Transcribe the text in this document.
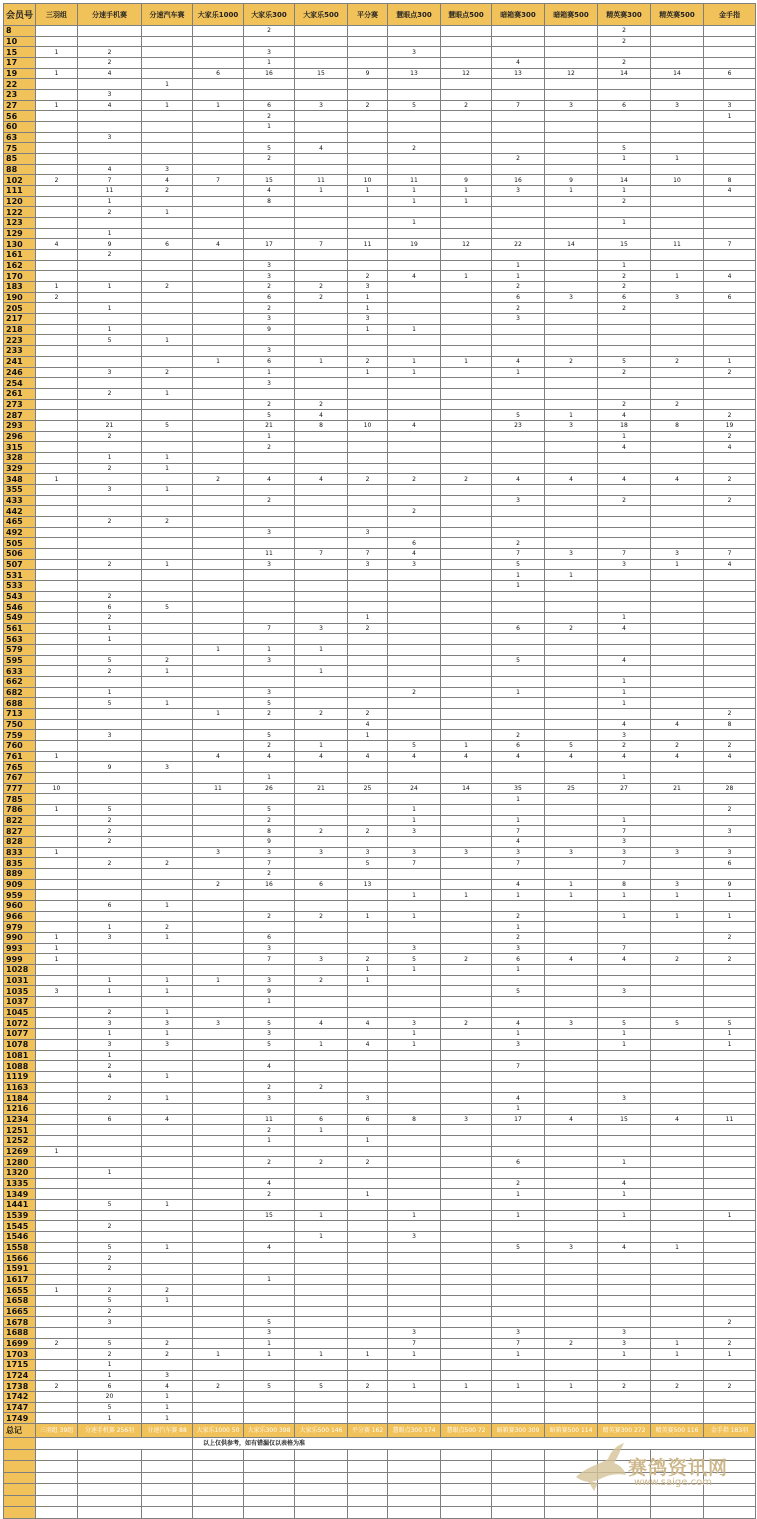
会员号	三羽组	分速手机赛	分速汽车赛	大家乐1000	大家乐300	大家乐500	平分赛	慧眼点300	慧眼点500	暗箱赛300	暗箱赛500	精英赛300	精英赛500	金手指
8					2							2		
10												2		
15	1	2			3			3						
17		2			1					4		2		
19	1	4		6	16	15	9	13	12	13	12	14	14	6
22			1											
23		3												
27	1	4	1	1	6	3	2	5	2	7	3	6	3	3
56					2									1
60					1									
63		3												
75					5	4		2				5		
85					2					2		1	1	
88		4	3											
102	2	7	4	7	15	11	10	11	9	16	9	14	10	8
111		11	2		4	1	1	1	1	3	1	1		4
120		1			8			1	1			2		
122		2	1											
123								1				1		
129		1												
130	4	9	6	4	17	7	11	19	12	22	14	15	11	7
161		2												
162					3					1		1		
170					3		2	4	1	1		2	1	4
183	1	1	2		2	2	3			2		2		
190	2				6	2	1			6	3	6	3	6
205		1			2		1			2		2		
217					3		3			3				
218		1			9		1	1						
223		5	1											
233					3									
241				1	6	1	2	1	1	4	2	5	2	1
246		3	2		1		1	1		1		2		2
254					3									
261		2	1											
273					2	2						2	2	
287					5	4				5	1	4		2
293		21	5		21	8	10	4		23	3	18	8	19
296		2			1							1		2
315					2							4		4
328		1	1											
329		2	1											
348	1			2	4	4	2	2	2	4	4	4	4	2
355		3	1											
433					2					3		2		2
442								2						
465		2	2											
492					3		3							
505								6		2				
506					11	7	7	4		7	3	7	3	7
507		2	1		3		3	3		5		3	1	4
531										1	1			
533										1				
543		2												
546		6	5											
549		2					1					1		
561		1			7	3	2			6	2	4		
563		1												
579				1	1	1								
595		5	2		3					5		4		
633		2	1			1								
662												1		
682		1			3			2		1		1		
688		5	1		5							1		
713				1	2	2	2							2
750							4					4	4	8
759		3			5		1			2		3		
760					2	1		5	1	6	5	2	2	2
761	1			4	4	4	4	4	4	4	4	4	4	4
765		9	3											
767					1							1		
777	10			11	26	21	25	24	14	35	25	27	21	28
785										1				
786	1	5			5			1						2
822		2			2			1		1		1		
827		2			8	2	2	3		7		7		3
828		2			9					4		3		
833	1			3	3	3	3	3	3	3	3	3	3	3
835		2	2		7		5	7		7		7		6
889					2									
909				2	16	6	13			4	1	8	3	9
959								1	1	1	1	1	1	1
960		6	1											
966					2	2	1	1		2		1	1	1
979		1	2							1				
990	1	3	1		6					2				2
993	1				3			3		3		7		
999	1				7	3	2	5	2	6	4	4	2	2
1028							1	1		1				
1031		1	1	1	3	2	1							
1035	3	1	1		9					5		3		
1037					1									
1045		2	1											
1072		3	3	3	5	4	4	3	2	4	3	5	5	5
1077		1	1		3			1		1		1		1
1078		3	3		5	1	4	1		3		1		1
1081		1												
1088		2			4					7				
1119		4	1											
1163					2	2								
1184		2	1		3		3			4		3		
1216										1				
1234		6	4		11	6	6	8	3	17	4	15	4	11
1251					2	1								
1252					1		1							
1269	1													
1280					2	2	2			6		1		
1320		1												
1335					4					2		4		
1349					2		1			1		1		
1441		5	1											
1539					15	1		1		1		1		1
1545		2												
1546						1		3						
1558		5	1		4					5	3	4	1	
1566		2												
1591		2												
1617					1									
1655	1	2	2											
1658		5	1											
1665		2												
1678		3			5									2
1688					3			3		3		3		
1699	2	5	2		1			7		7	2	3	1	2
1703		2	2	1	1	1	1	1		1		1	1	1
1715		1												
1724		1	3											
1738	2	6	4	2	5	5	2	1	1	1	1	2	2	2
1742		20	1											
1747		5	1											
1749		1	1											
总记	三羽组 39组	分速手机赛 256羽	分速汽车赛 88	大家乐1000 50	大家乐300 398	大家乐500 146	平分赛 162	慧眼点300 174	慧眼点500 72	暗箱赛300 309	暗箱赛500 114	精英赛300 272	精英赛500 116	金手指 183羽
				以上仅供参考，如有错漏仅以表格为准										

赛鸽资讯网
www.saige.com
